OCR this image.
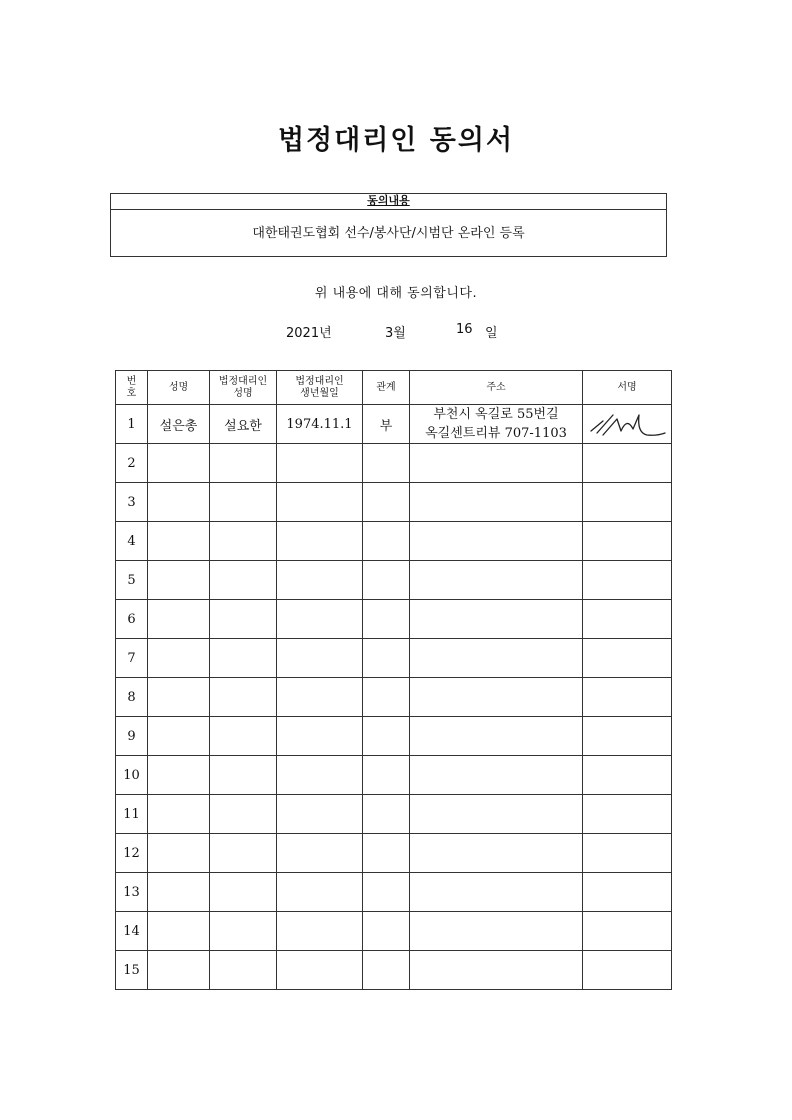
법정대리인 동의서
동의내용
대한태권도협회 선수/봉사단/시범단 온라인 등록
위 내용에 대해 동의합니다.
2021년	3월	16 일
번호	성명	법정대리인 성명	법정대리인 생년월일	관계	주소	서명
1	설은총	설요한	1974.11.1	부	부천시 옥길로 55번길
옥길센트리뷰 707-1103

2					

3					

4					

5					

6					

7					

8					

9					

10					

11					

12					

13					

14					

15					
